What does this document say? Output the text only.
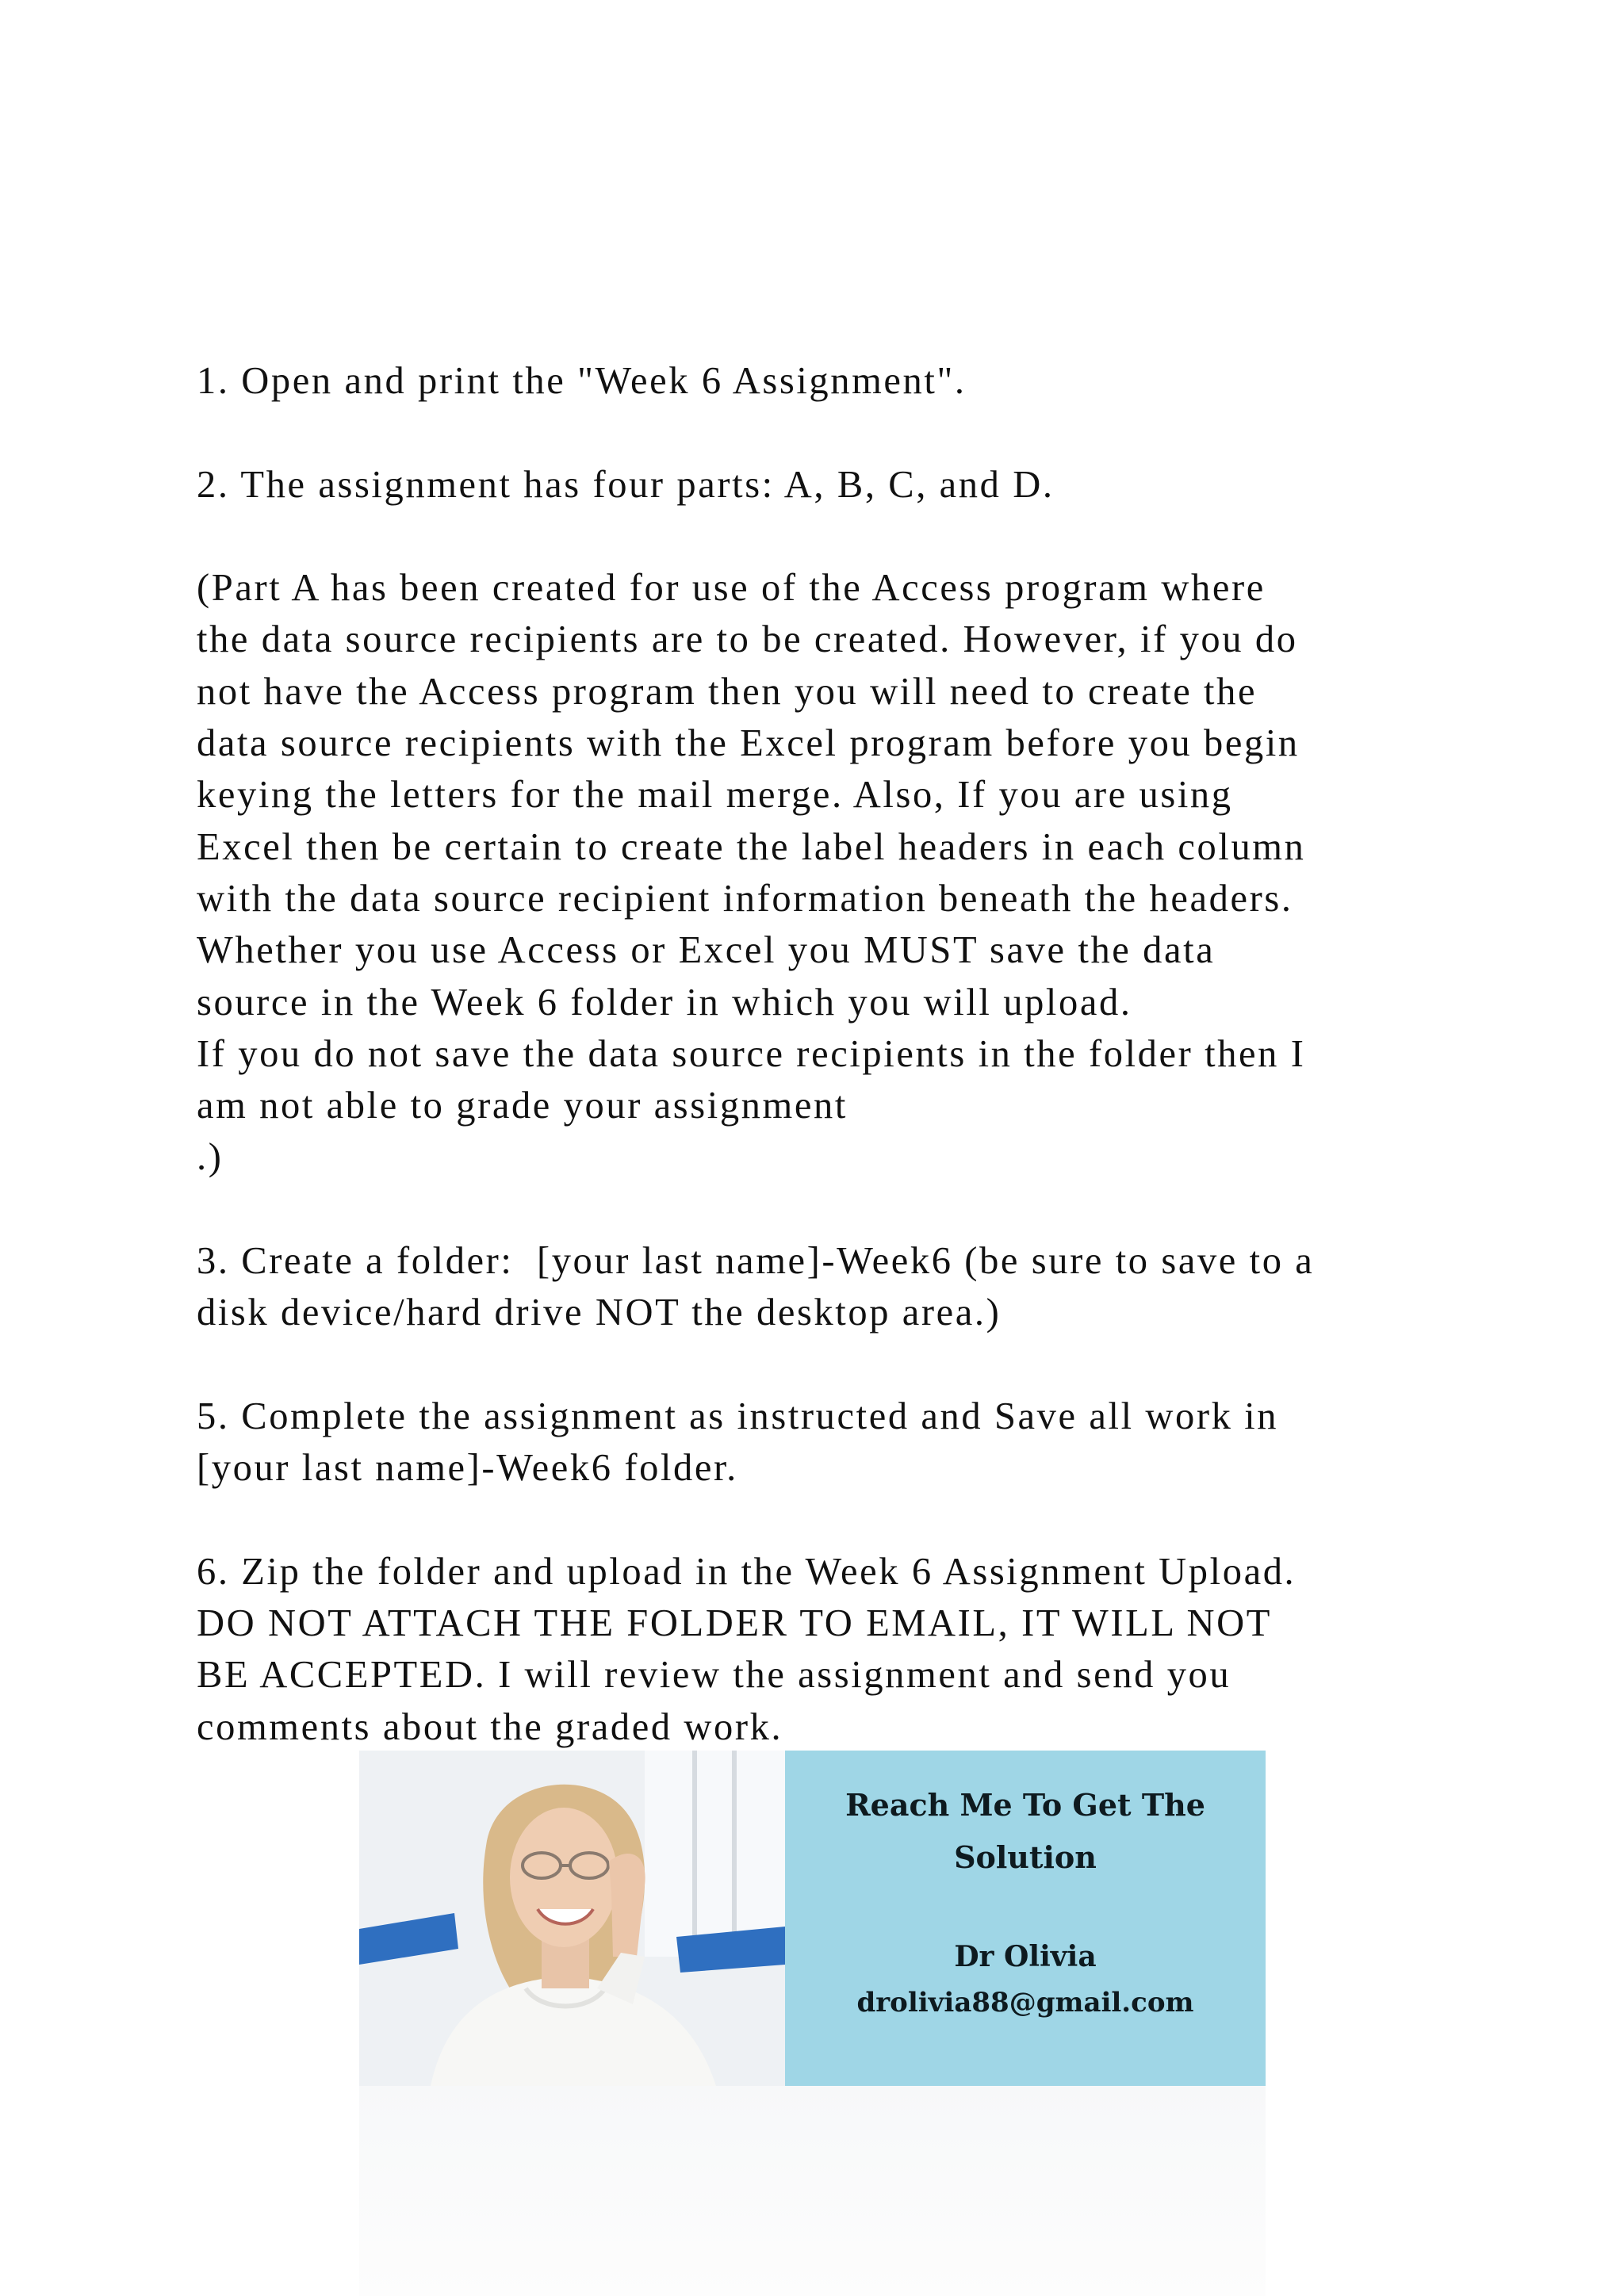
1. Open and print the "Week 6 Assignment".
2. The assignment has four parts: A, B, C, and D.
(Part A has been created for use of the Access program where
the data source recipients are to be created. However, if you do
not have the Access program then you will need to create the
data source recipients with the Excel program before you begin
keying the letters for the mail merge. Also, If you are using
Excel then be certain to create the label headers in each column
with the data source recipient information beneath the headers.
Whether you use Access or Excel you MUST save the data
source in the Week 6 folder in which you will upload.
If you do not save the data source recipients in the folder then I
am not able to grade your assignment
.)
3. Create a folder:  [your last name]-Week6 (be sure to save to a
disk device/hard drive NOT the desktop area.)
5. Complete the assignment as instructed and Save all work in
[your last name]-Week6 folder.
6. Zip the folder and upload in the Week 6 Assignment Upload.
DO NOT ATTACH THE FOLDER TO EMAIL, IT WILL NOT
BE ACCEPTED. I will review the assignment and send you
comments about the graded work.
Reach Me To Get The
Solution
Dr Olivia
drolivia88@gmail.com
